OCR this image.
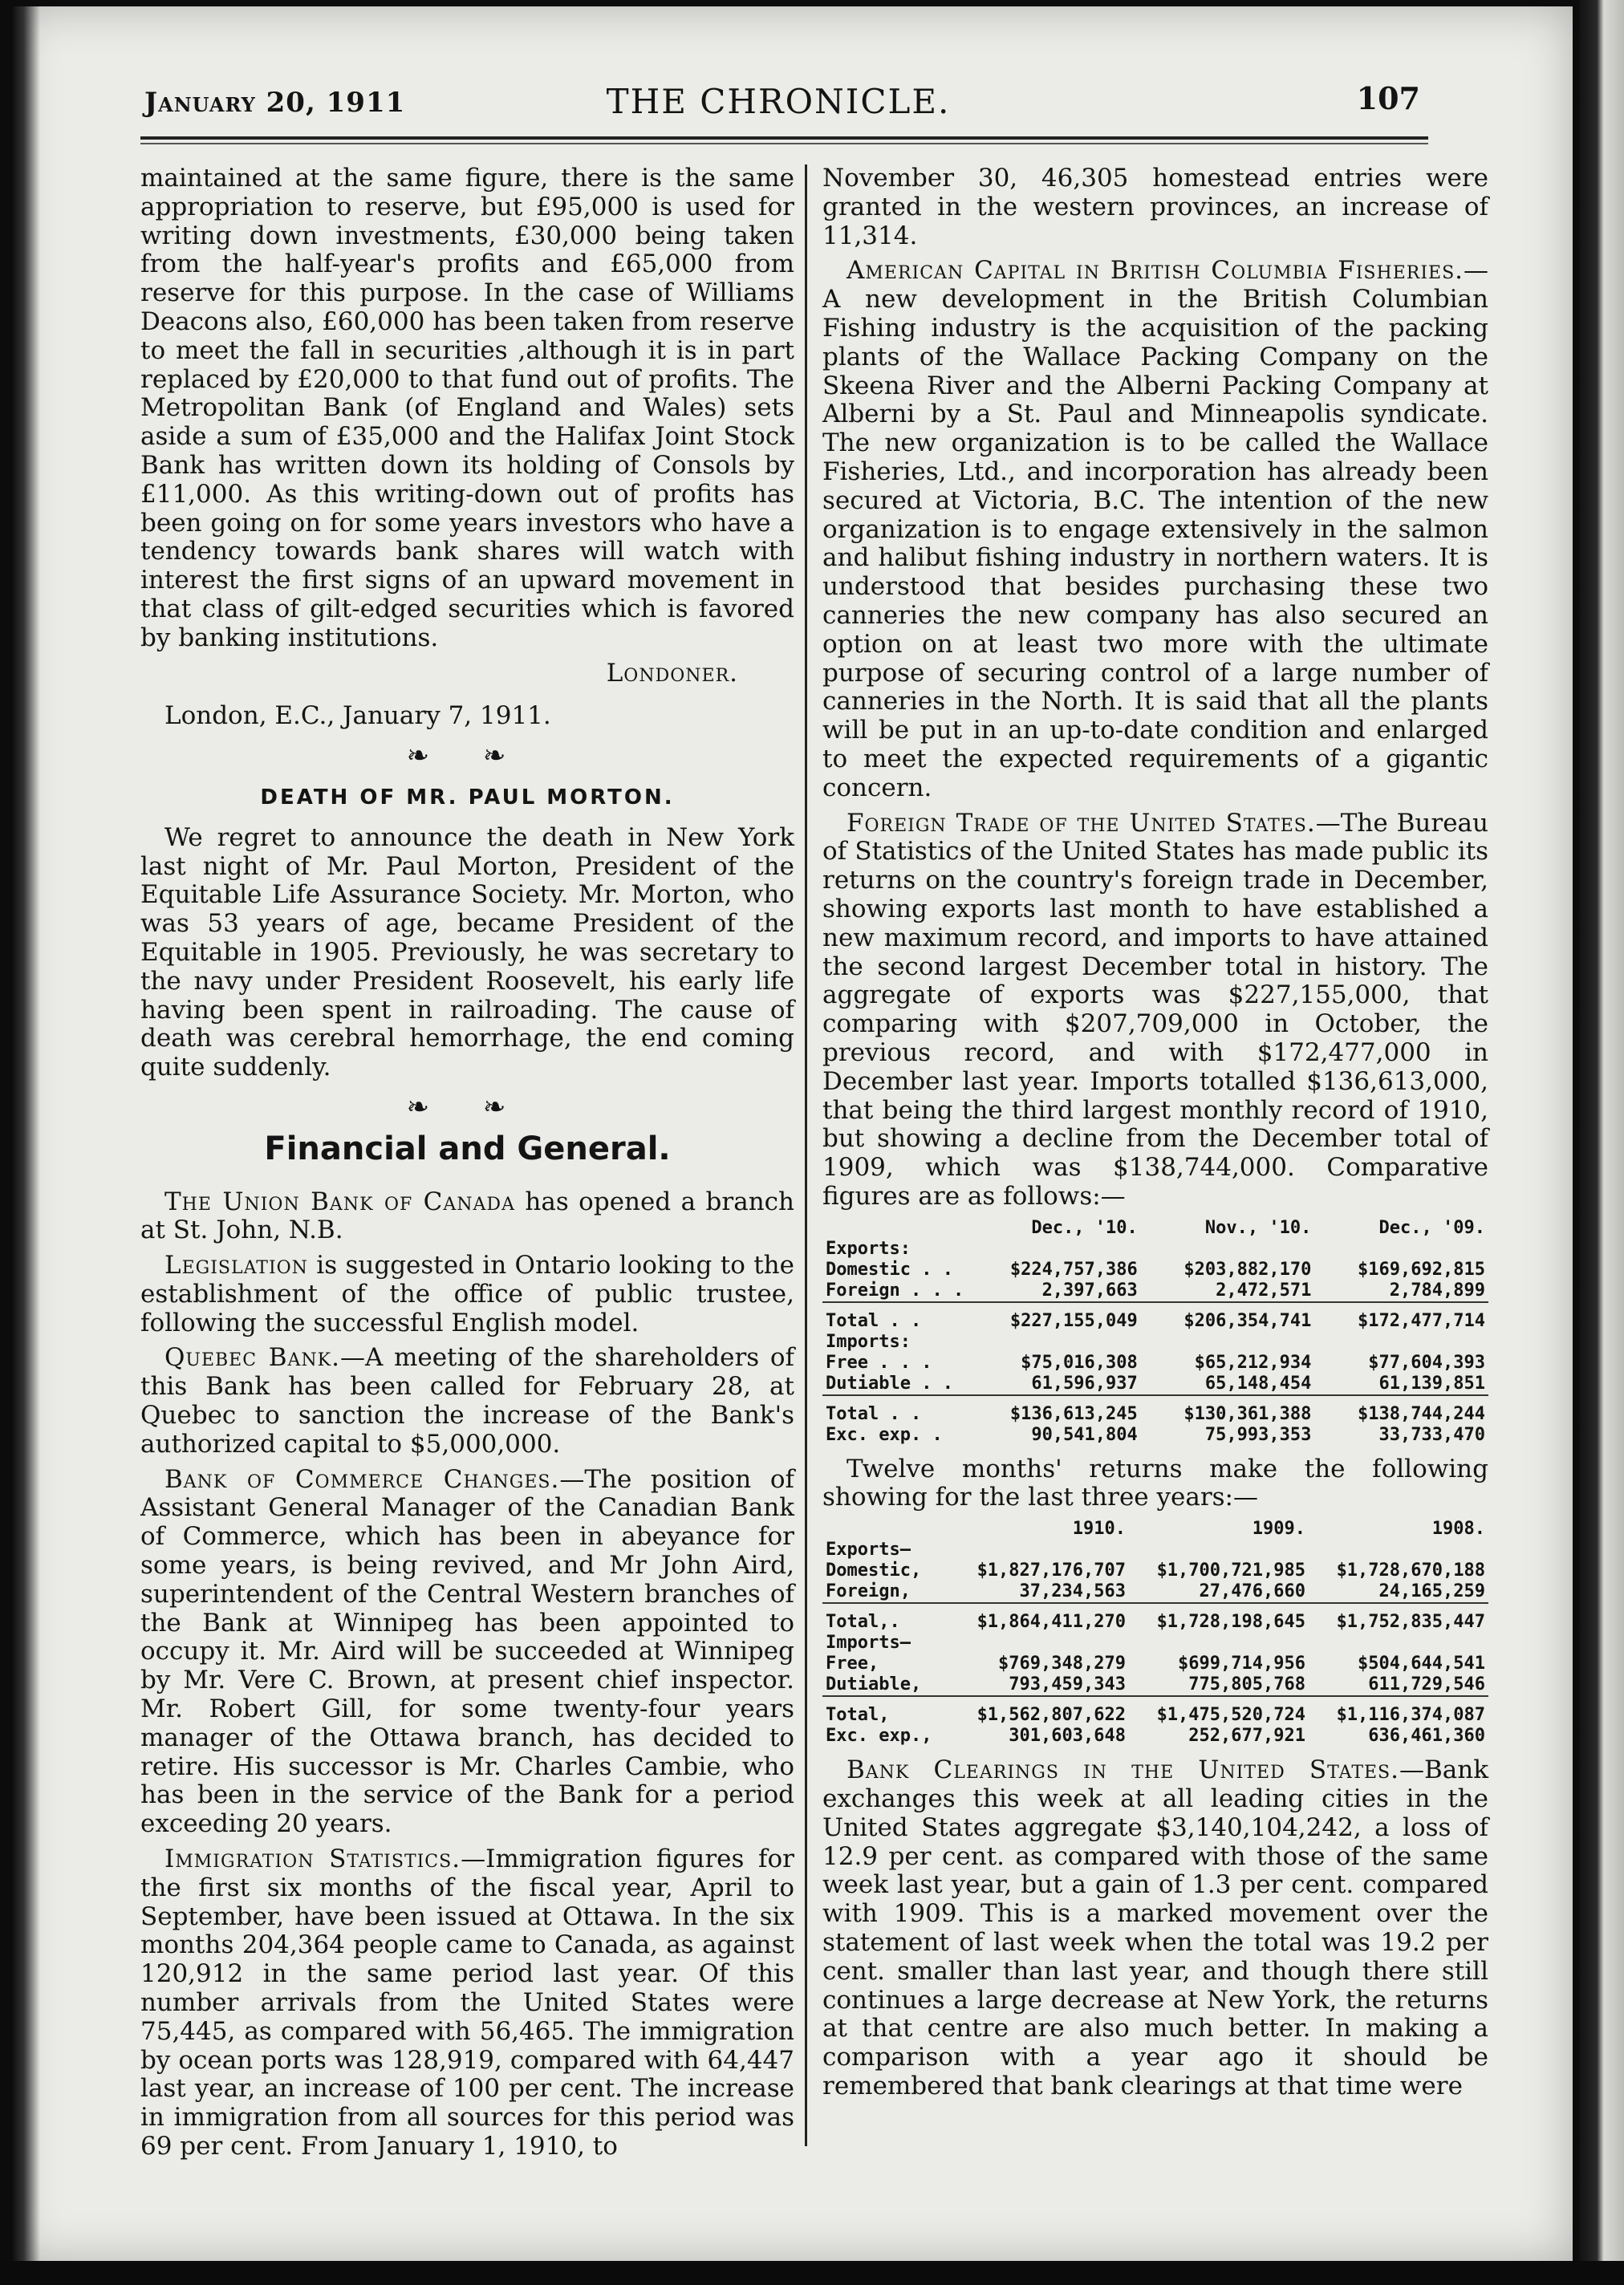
January 20, 1911	THE CHRONICLE.	107

maintained at the same figure, there is the same appropriation to reserve, but £95,000 is used for writing down investments, £30,000 being taken from the half-year's profits and £65,000 from reserve for this purpose. In the case of Williams Deacons also, £60,000 has been taken from reserve to meet the fall in securities ,although it is in part replaced by £20,000 to that fund out of profits. The Metropolitan Bank (of England and Wales) sets aside a sum of £35,000 and the Halifax Joint Stock Bank has written down its holding of Consols by £11,000. As this writing-down out of profits has been going on for some years investors who have a tendency towards bank shares will watch with interest the first signs of an upward movement in that class of gilt-edged securities which is favored by banking institutions.

Londoner.

London, E.C., January 7, 1911.

❧ ❧
DEATH OF MR. PAUL MORTON.

We regret to announce the death in New York last night of Mr. Paul Morton, President of the Equitable Life Assurance Society. Mr. Morton, who was 53 years of age, became President of the Equitable in 1905. Previously, he was secretary to the navy under President Roosevelt, his early life having been spent in railroading. The cause of death was cerebral hemorrhage, the end coming quite suddenly.

❧ ❧
Financial and General.

The Union Bank of Canada has opened a branch at St. John, N.B.

Legislation is suggested in Ontario looking to the establishment of the office of public trustee, following the successful English model.

Quebec Bank.—A meeting of the shareholders of this Bank has been called for February 28, at Quebec to sanction the increase of the Bank's authorized capital to $5,000,000.

Bank of Commerce Changes.—The position of Assistant General Manager of the Canadian Bank of Commerce, which has been in abeyance for some years, is being revived, and Mr John Aird, superintendent of the Central Western branches of the Bank at Winnipeg has been appointed to occupy it. Mr. Aird will be succeeded at Winnipeg by Mr. Vere C. Brown, at present chief inspector. Mr. Robert Gill, for some twenty-four years manager of the Ottawa branch, has decided to retire. His successor is Mr. Charles Cambie, who has been in the service of the Bank for a period exceeding 20 years.

Immigration Statistics.—Immigration figures for the first six months of the fiscal year, April to September, have been issued at Ottawa. In the six months 204,364 people came to Canada, as against 120,912 in the same period last year. Of this number arrivals from the United States were 75,445, as compared with 56,465. The immigration by ocean ports was 128,919, compared with 64,447 last year, an increase of 100 per cent. The increase in immigration from all sources for this period was 69 per cent. From January 1, 1910, to

November 30, 46,305 homestead entries were granted in the western provinces, an increase of 11,314.

American Capital in British Columbia Fisheries.—A new development in the British Columbian Fishing industry is the acquisition of the packing plants of the Wallace Packing Company on the Skeena River and the Alberni Packing Company at Alberni by a St. Paul and Minneapolis syndicate. The new organization is to be called the Wallace Fisheries, Ltd., and incorporation has already been secured at Victoria, B.C. The intention of the new organization is to engage extensively in the salmon and halibut fishing industry in northern waters. It is understood that besides purchasing these two canneries the new company has also secured an option on at least two more with the ultimate purpose of securing control of a large number of canneries in the North. It is said that all the plants will be put in an up-to-date condition and enlarged to meet the expected requirements of a gigantic concern.

Foreign Trade of the United States.—The Bureau of Statistics of the United States has made public its returns on the country's foreign trade in December, showing exports last month to have established a new maximum record, and imports to have attained the second largest December total in history. The aggregate of exports was $227,155,000, that comparing with $207,709,000 in October, the previous record, and with $172,477,000 in December last year. Imports totalled $136,613,000, that being the third largest monthly record of 1910, but showing a decline from the December total of 1909, which was $138,744,000. Comparative figures are as follows:—

	Dec., '10.	Nov., '10.	Dec., '09.
Exports:			
Domestic . .	$224,757,386	$203,882,170	$169,692,815
Foreign . . .	2,397,663	2,472,571	2,784,899
Total . .	$227,155,049	$206,354,741	$172,477,714
Imports:			
Free . . .	$75,016,308	$65,212,934	$77,604,393
Dutiable . .	61,596,937	65,148,454	61,139,851
Total . .	$136,613,245	$130,361,388	$138,744,244
Exc. exp. .	90,541,804	75,993,353	33,733,470

Twelve months' returns make the following showing for the last three years:—

	1910.	1909.	1908.
Exports—			
Domestic,	$1,827,176,707	$1,700,721,985	$1,728,670,188
Foreign,	37,234,563	27,476,660	24,165,259
Total,.	$1,864,411,270	$1,728,198,645	$1,752,835,447
Imports—			
Free,	$769,348,279	$699,714,956	$504,644,541
Dutiable,	793,459,343	775,805,768	611,729,546
Total,	$1,562,807,622	$1,475,520,724	$1,116,374,087
Exc. exp.,	301,603,648	252,677,921	636,461,360

Bank Clearings in the United States.—Bank exchanges this week at all leading cities in the United States aggregate $3,140,104,242, a loss of 12.9 per cent. as compared with those of the same week last year, but a gain of 1.3 per cent. compared with 1909. This is a marked movement over the statement of last week when the total was 19.2 per cent. smaller than last year, and though there still continues a large decrease at New York, the returns at that centre are also much better. In making a comparison with a year ago it should be remembered that bank clearings at that time were
